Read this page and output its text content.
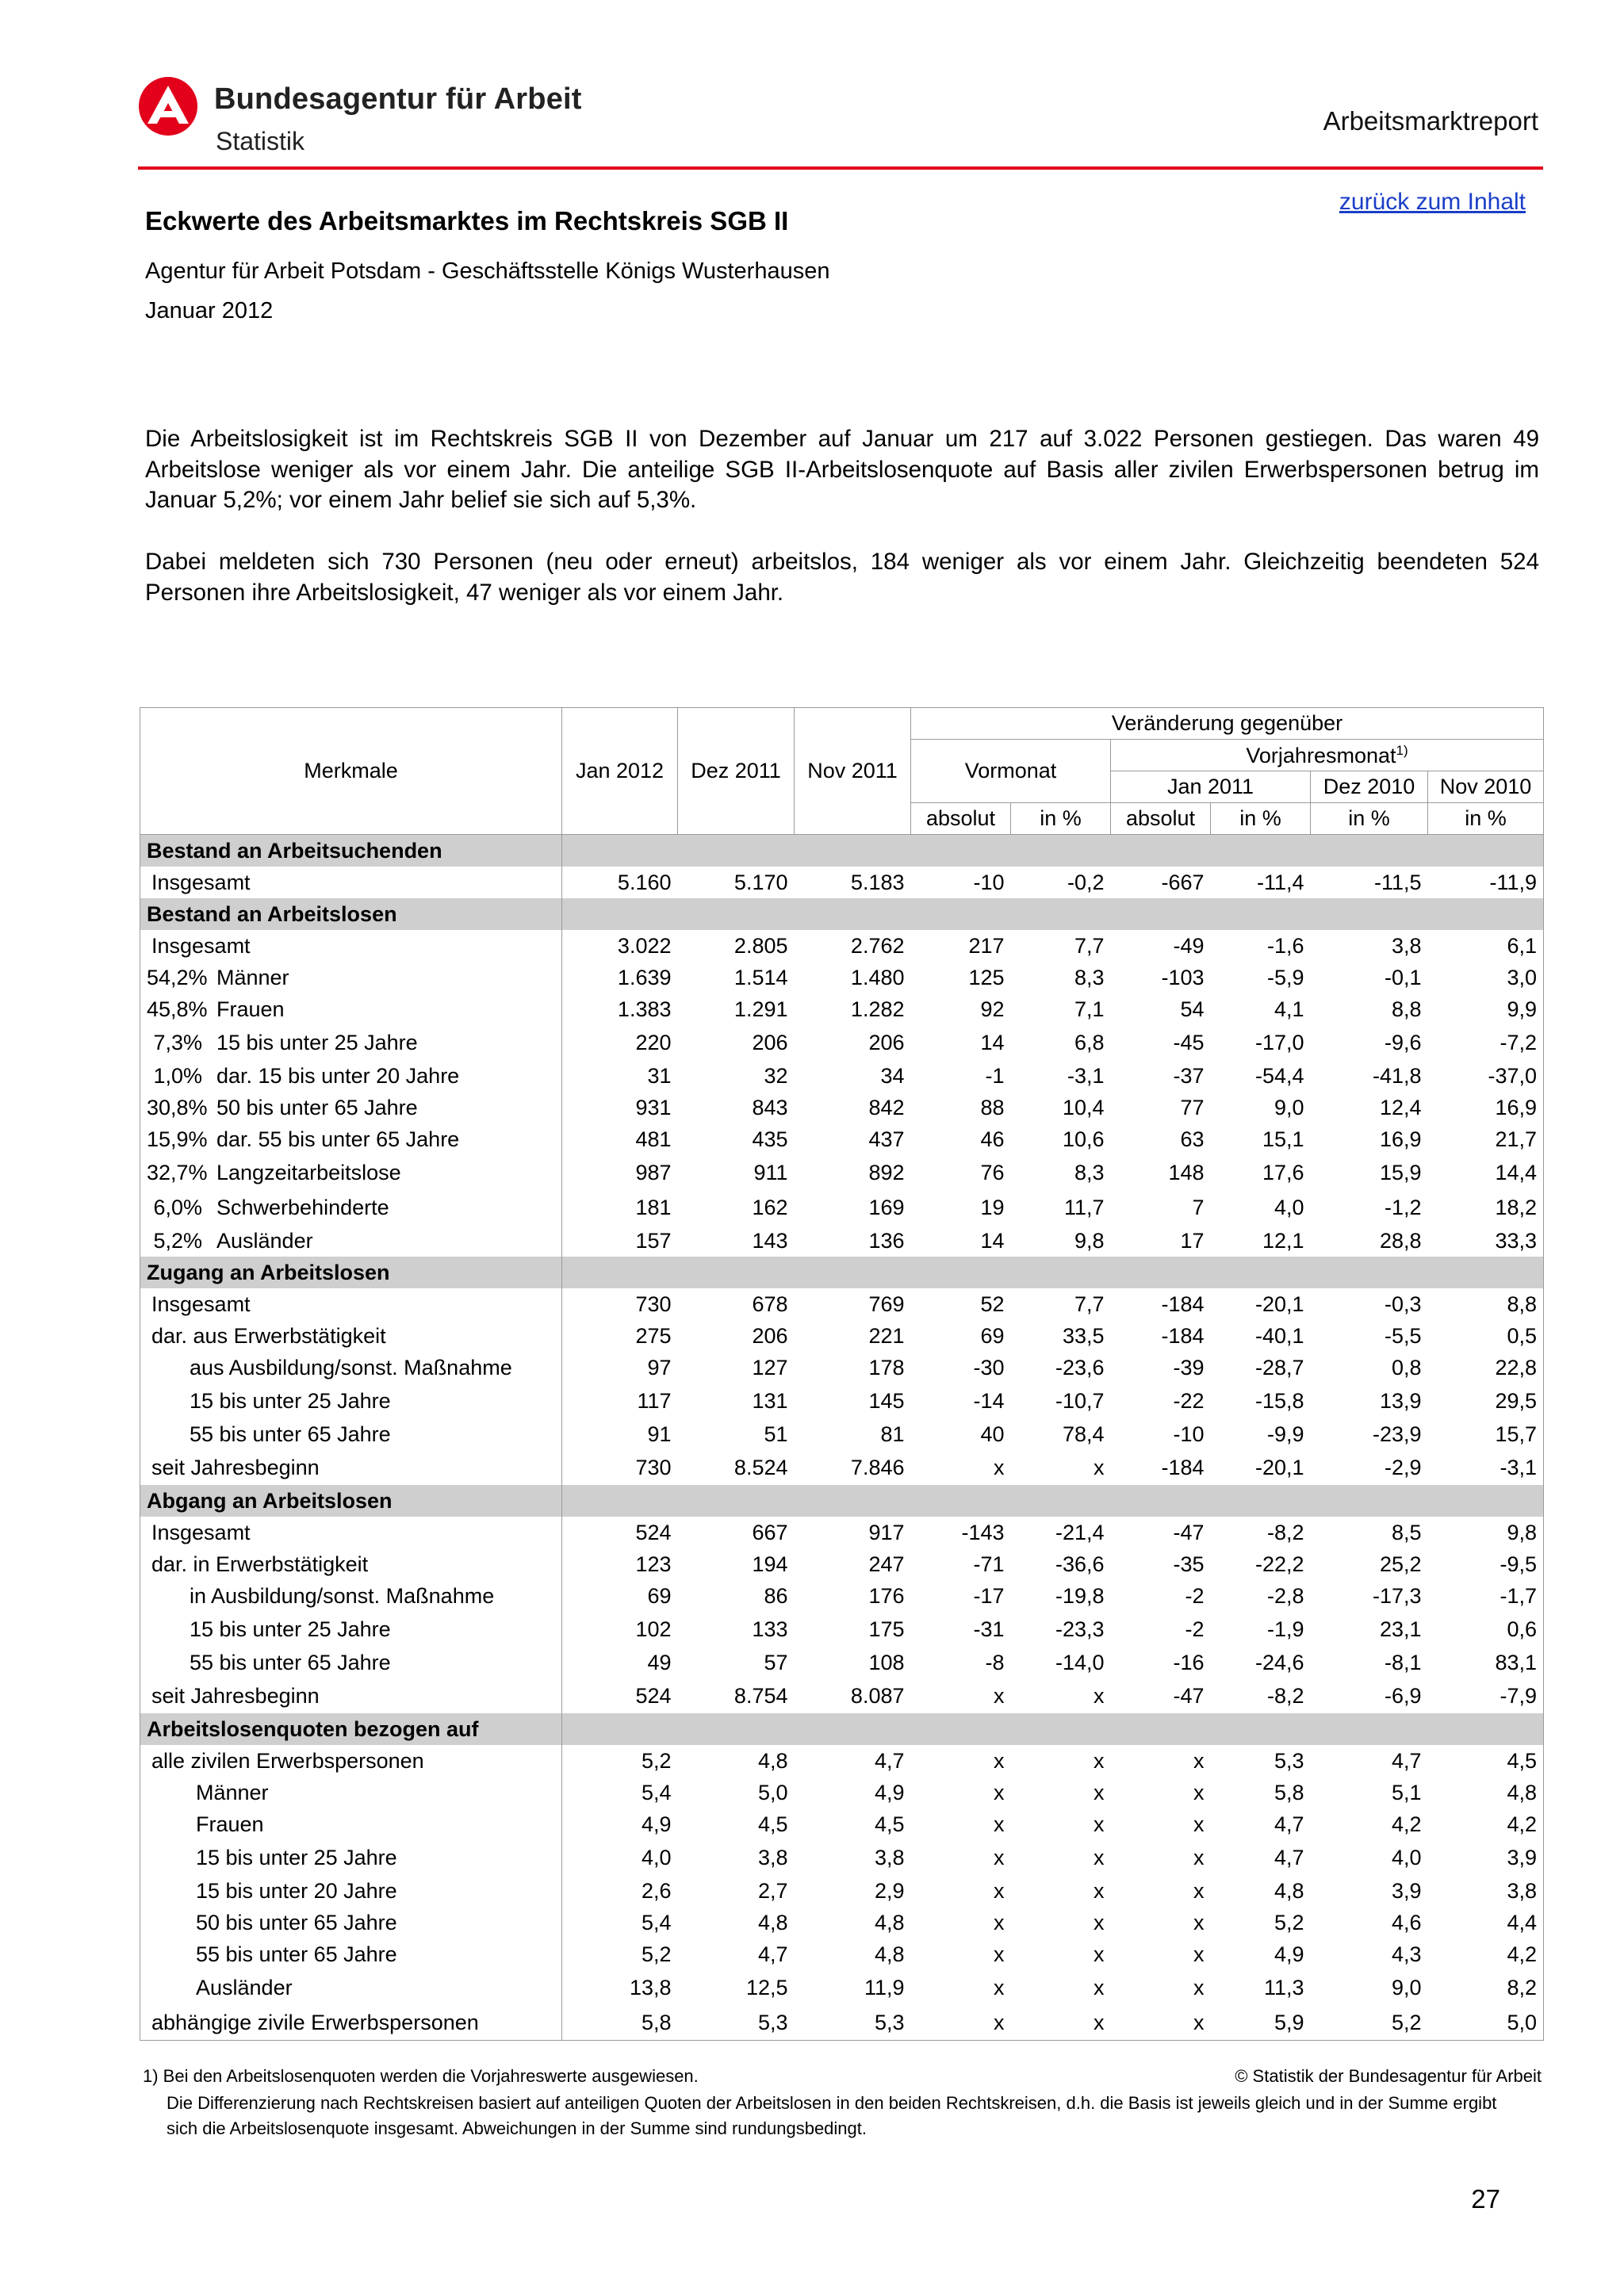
Bundesagentur für Arbeit
Statistik
Arbeitsmarktreport
zurück zum Inhalt
Eckwerte des Arbeitsmarktes im Rechtskreis SGB II
Agentur für Arbeit Potsdam - Geschäftsstelle Königs Wusterhausen
Januar 2012
Die Arbeitslosigkeit ist im Rechtskreis SGB II von Dezember auf Januar um 217 auf 3.022 Personen gestiegen. Das waren 49 Arbeitslose weniger als vor einem Jahr. Die anteilige SGB II-Arbeitslosenquote auf Basis aller zivilen Erwerbspersonen betrug im Januar 5,2%; vor einem Jahr belief sie sich auf 5,3%.
Dabei meldeten sich 730 Personen (neu oder erneut) arbeitslos, 184 weniger als vor einem Jahr. Gleichzeitig beendeten 524 Personen ihre Arbeitslosigkeit, 47 weniger als vor einem Jahr.
Merkmale	Jan 2012	Dez 2011	Nov 2011	Veränderung gegenüber					
				Vormonat		Vorjahresmonat$^{1)}$
						Jan 2011		Dez 2010	Nov 2010
				absolut	in %	absolut	in %	in %	in %
Bestand an Arbeitsuchenden									
Insgesamt	5.160	5.170	5.183	-10	-0,2	-667	-11,4	-11,5	-11,9
Bestand an Arbeitslosen									
Insgesamt	3.022	2.805	2.762	217	7,7	-49	-1,6	3,8	6,1
54,2% Männer	1.639	1.514	1.480	125	8,3	-103	-5,9	-0,1	3,0
45,8% Frauen	1.383	1.291	1.282	92	7,1	54	4,1	8,8	9,9
7,3% 15 bis unter 25 Jahre	220	206	206	14	6,8	-45	-17,0	-9,6	-7,2
1,0% dar. 15 bis unter 20 Jahre	31	32	34	-1	-3,1	-37	-54,4	-41,8	-37,0
30,8% 50 bis unter 65 Jahre	931	843	842	88	10,4	77	9,0	12,4	16,9
15,9% dar. 55 bis unter 65 Jahre	481	435	437	46	10,6	63	15,1	16,9	21,7
32,7% Langzeitarbeitslose	987	911	892	76	8,3	148	17,6	15,9	14,4
6,0% Schwerbehinderte	181	162	169	19	11,7	7	4,0	-1,2	18,2
5,2% Ausländer	157	143	136	14	9,8	17	12,1	28,8	33,3
Zugang an Arbeitslosen									
Insgesamt	730	678	769	52	7,7	-184	-20,1	-0,3	8,8
dar. aus Erwerbstätigkeit	275	206	221	69	33,5	-184	-40,1	-5,5	0,5
aus Ausbildung/sonst. Maßnahme	97	127	178	-30	-23,6	-39	-28,7	0,8	22,8
15 bis unter 25 Jahre	117	131	145	-14	-10,7	-22	-15,8	13,9	29,5
55 bis unter 65 Jahre	91	51	81	40	78,4	-10	-9,9	-23,9	15,7
seit Jahresbeginn	730	8.524	7.846	x	x	-184	-20,1	-2,9	-3,1
Abgang an Arbeitslosen									
Insgesamt	524	667	917	-143	-21,4	-47	-8,2	8,5	9,8
dar. in Erwerbstätigkeit	123	194	247	-71	-36,6	-35	-22,2	25,2	-9,5
in Ausbildung/sonst. Maßnahme	69	86	176	-17	-19,8	-2	-2,8	-17,3	-1,7
15 bis unter 25 Jahre	102	133	175	-31	-23,3	-2	-1,9	23,1	0,6
55 bis unter 65 Jahre	49	57	108	-8	-14,0	-16	-24,6	-8,1	83,1
seit Jahresbeginn	524	8.754	8.087	x	x	-47	-8,2	-6,9	-7,9
Arbeitslosenquoten bezogen auf									
alle zivilen Erwerbspersonen	5,2	4,8	4,7	x	x	x	5,3	4,7	4,5
Männer	5,4	5,0	4,9	x	x	x	5,8	5,1	4,8
Frauen	4,9	4,5	4,5	x	x	x	4,7	4,2	4,2
15 bis unter 25 Jahre	4,0	3,8	3,8	x	x	x	4,7	4,0	3,9
15 bis unter 20 Jahre	2,6	2,7	2,9	x	x	x	4,8	3,9	3,8
50 bis unter 65 Jahre	5,4	4,8	4,8	x	x	x	5,2	4,6	4,4
55 bis unter 65 Jahre	5,2	4,7	4,8	x	x	x	4,9	4,3	4,2
Ausländer	13,8	12,5	11,9	x	x	x	11,3	9,0	8,2
abhängige zivile Erwerbspersonen	5,8	5,3	5,3	x	x	x	5,9	5,2	5,0
1) Bei den Arbeitslosenquoten werden die Vorjahreswerte ausgewiesen.	© Statistik der Bundesagentur für Arbeit
Die Differenzierung nach Rechtskreisen basiert auf anteiligen Quoten der Arbeitslosen in den beiden Rechtskreisen, d.h. die Basis ist jeweils gleich und in der Summe ergibt sich die Arbeitslosenquote insgesamt. Abweichungen in der Summe sind rundungsbedingt.
27
